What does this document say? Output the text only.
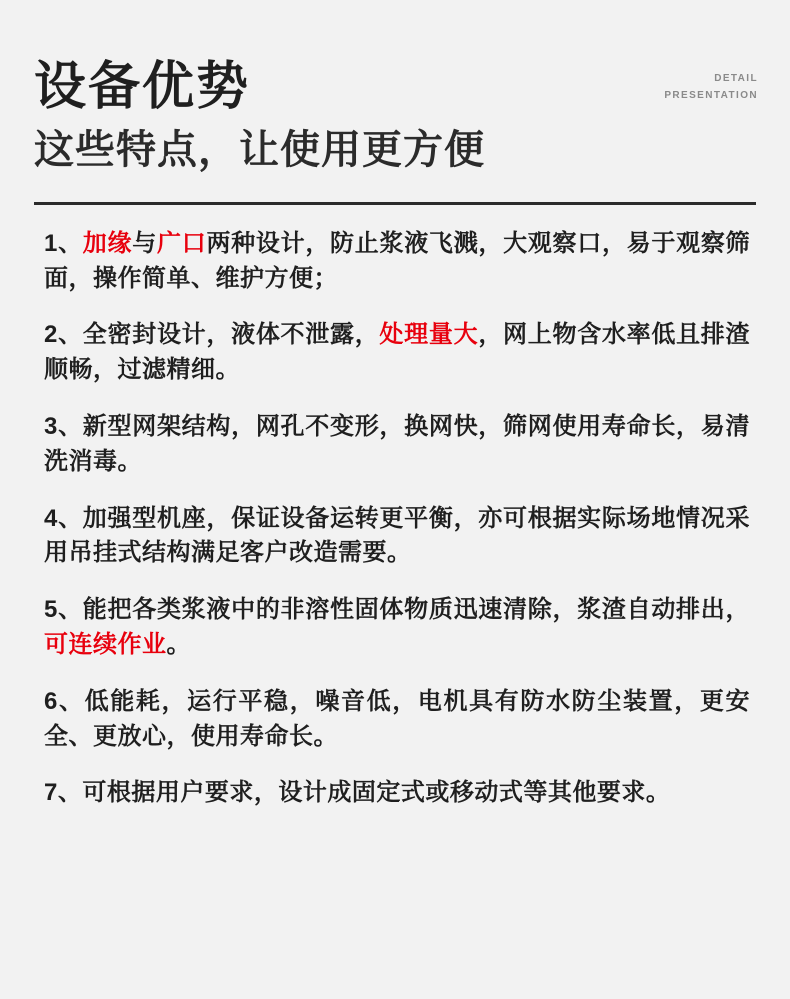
设备优势
这些特点，让使用更方便
DETAIL
PRESENTATION

1、加缘与广口两种设计，防止浆液飞溅，大观察口，易于观察筛面，操作简单、维护方便；

2、全密封设计，液体不泄露，处理量大，网上物含水率低且排渣顺畅，过滤精细。

3、新型网架结构，网孔不变形，换网快，筛网使用寿命长，易清洗消毒。

4、加强型机座，保证设备运转更平衡，亦可根据实际场地情况采用吊挂式结构满足客户改造需要。

5、能把各类浆液中的非溶性固体物质迅速清除，浆渣自动排出，可连续作业。

6、低能耗，运行平稳，噪音低，电机具有防水防尘装置，更安全、更放心，使用寿命长。

7、可根据用户要求，设计成固定式或移动式等其他要求。
